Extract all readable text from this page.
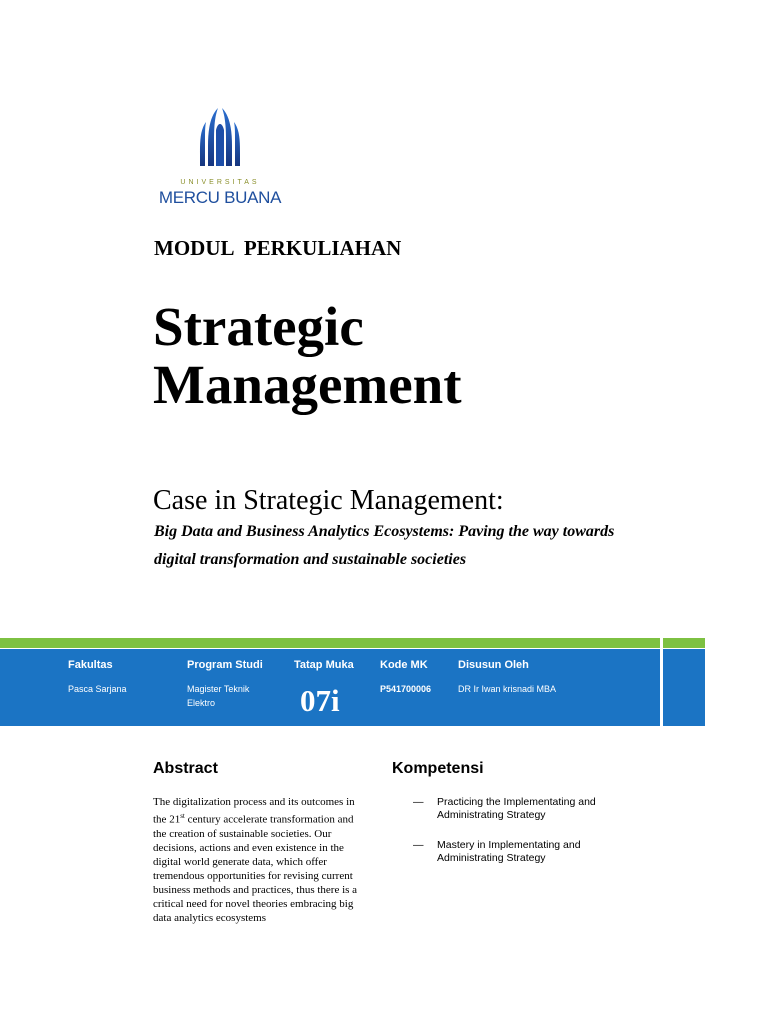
UNIVERSITAS
MERCU BUANA
MODUL  PERKULIAHAN
Strategic
Management
Case in Strategic Management:
Big Data and Business Analytics Ecosystems: Paving the way towards digital transformation and sustainable societies
Fakultas
Pasca Sarjana
Program Studi
Magister Teknik
Elektro
Tatap Muka
07i
Kode MK
P541700006
Disusun Oleh
DR Ir Iwan krisnadi MBA
Abstract
The digitalization process and its outcomes in the 21st century accelerate transformation and the creation of sustainable societies. Our decisions, actions and even existence in the digital world generate data, which offer tremendous opportunities for revising current business methods and practices, thus there is a critical need for novel theories embracing big data analytics ecosystems
Kompetensi
— Practicing the Implementating and Administrating Strategy
— Mastery in Implementating and Administrating Strategy
